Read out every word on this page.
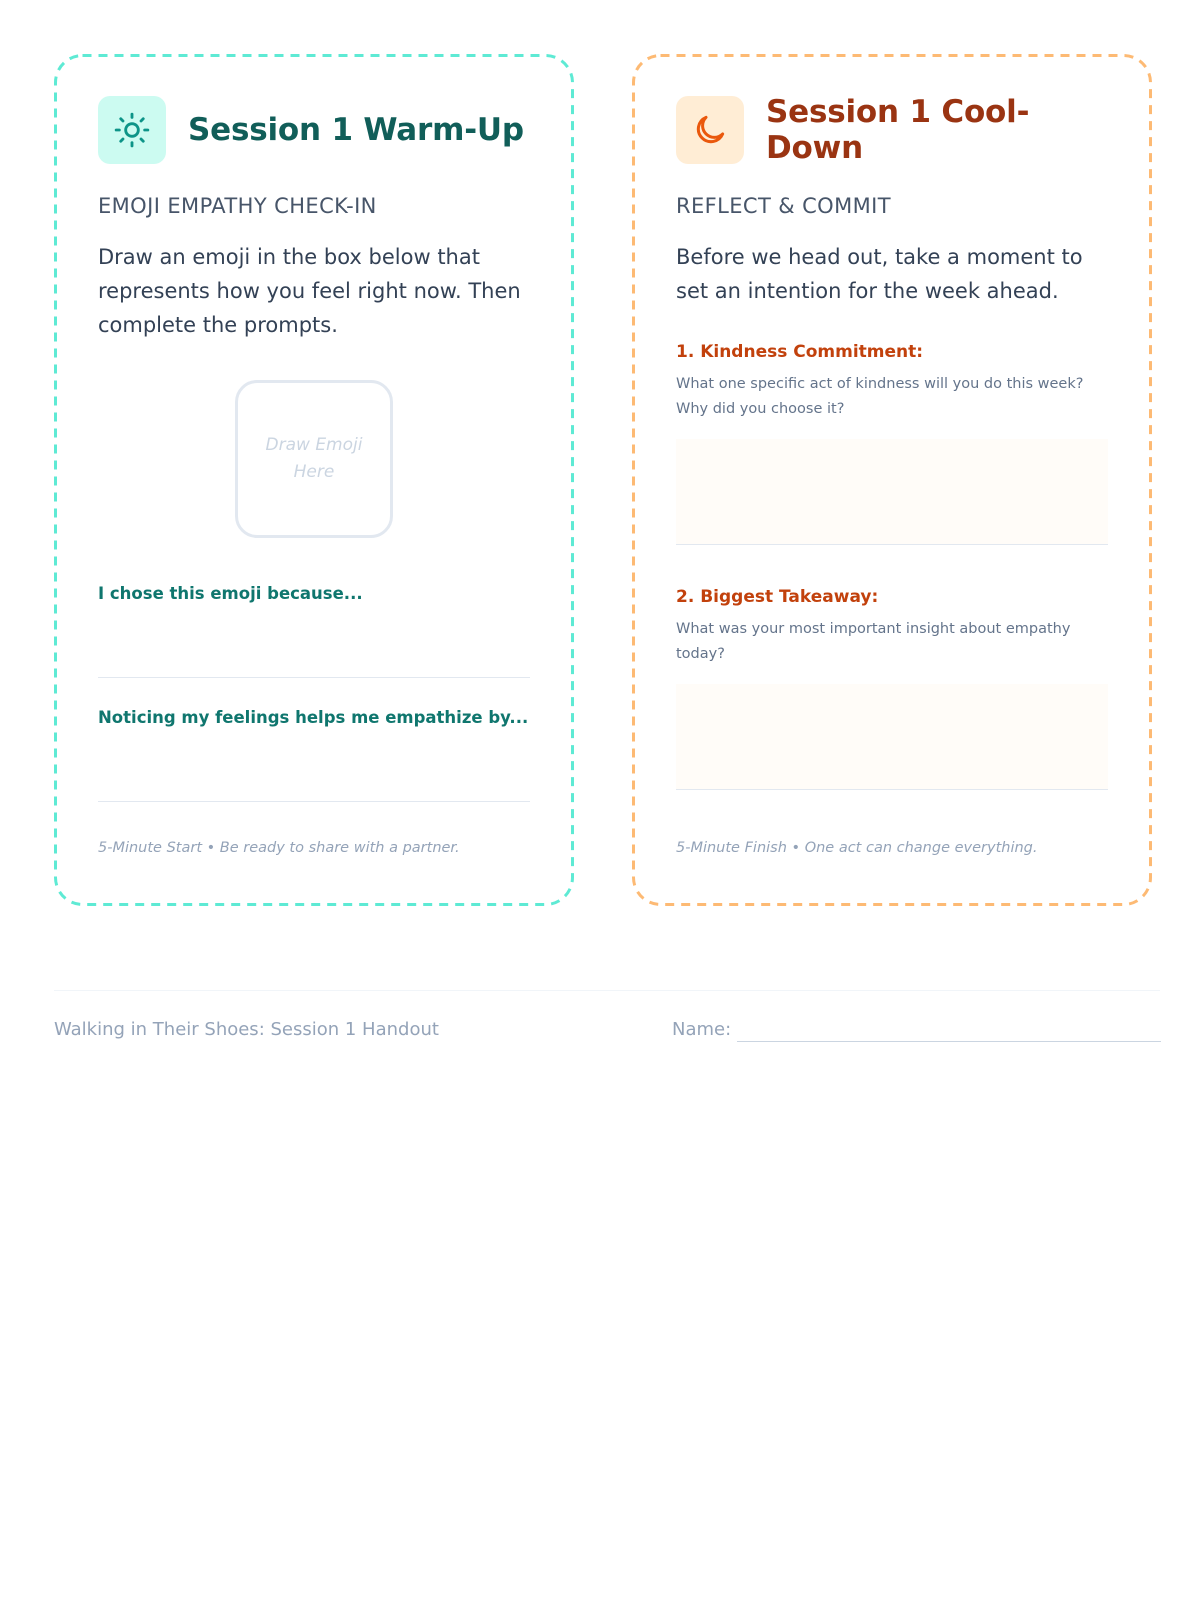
Session 1 Warm-Up
EMOJI EMPATHY CHECK-IN
Draw an emoji in the box below that represents how you feel right now. Then complete the prompts.
Draw Emoji
Here
I chose this emoji because...
Noticing my feelings helps me empathize by...
5-Minute Start • Be ready to share with a partner.
Session 1 Cool-Down
REFLECT & COMMIT
Before we head out, take a moment to set an intention for the week ahead.
1. Kindness Commitment:
What one specific act of kindness will you do this week? Why did you choose it?
2. Biggest Takeaway:
What was your most important insight about empathy today?
5-Minute Finish • One act can change everything.
Walking in Their Shoes: Session 1 Handout	Name:
